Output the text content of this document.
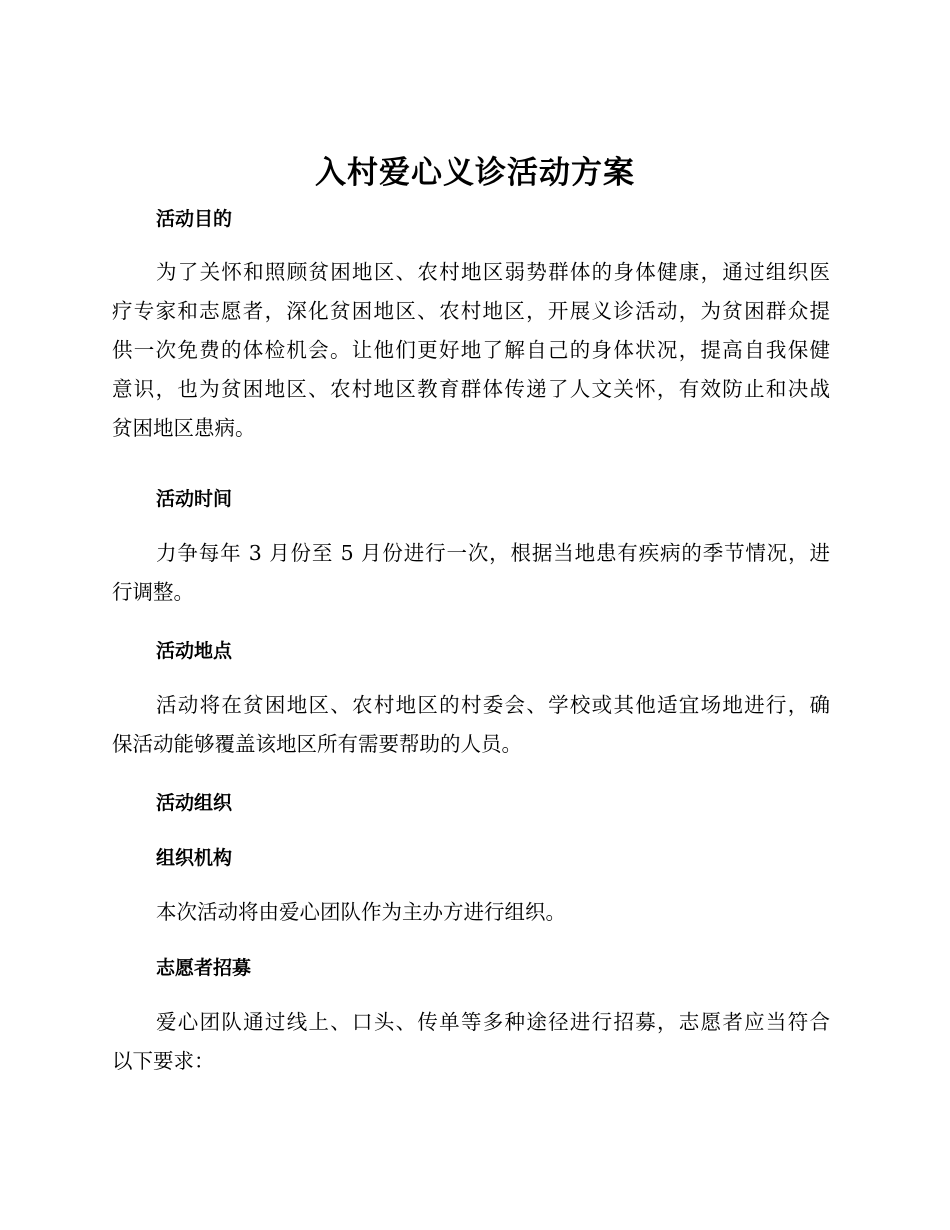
入村爱心义诊活动方案
活动目的
为了关怀和照顾贫困地区、农村地区弱势群体的身体健康，通过组织医
疗专家和志愿者，深化贫困地区、农村地区，开展义诊活动，为贫困群众提
供一次免费的体检机会。让他们更好地了解自己的身体状况，提高自我保健
意识，也为贫困地区、农村地区教育群体传递了人文关怀，有效防止和决战
贫困地区患病。
活动时间
力争每年 3 月份至 5 月份进行一次，根据当地患有疾病的季节情况，进
行调整。
活动地点
活动将在贫困地区、农村地区的村委会、学校或其他适宜场地进行，确
保活动能够覆盖该地区所有需要帮助的人员。
活动组织
组织机构
本次活动将由爱心团队作为主办方进行组织。
志愿者招募
爱心团队通过线上、口头、传单等多种途径进行招募，志愿者应当符合
以下要求：
